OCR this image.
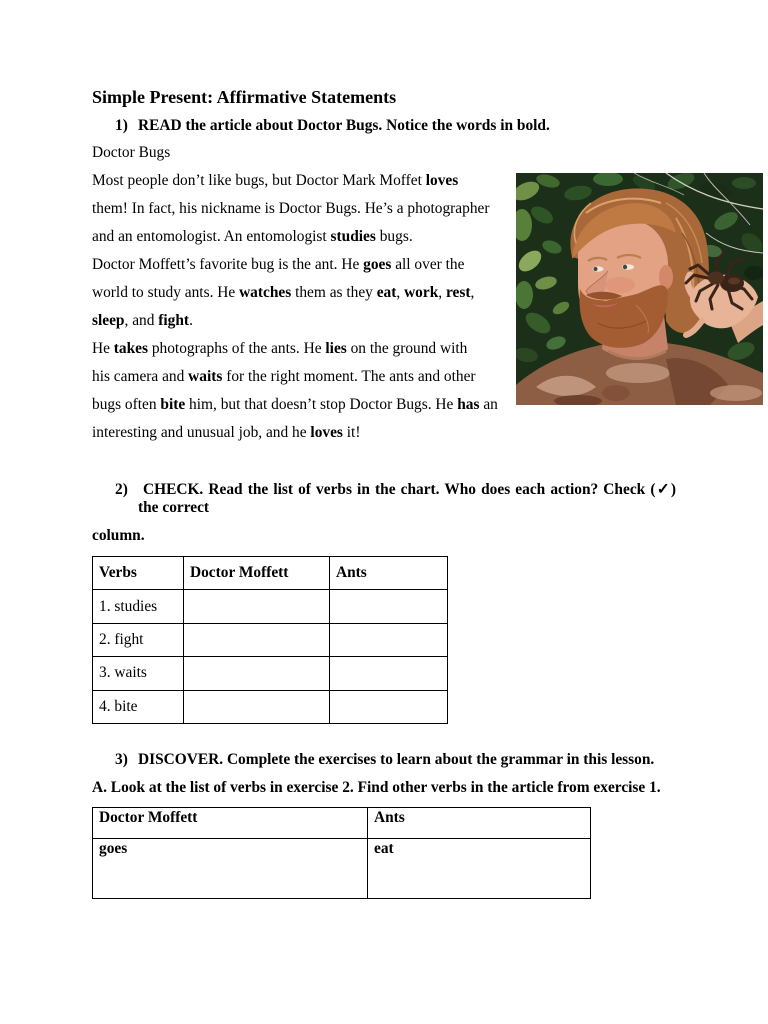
Simple Present: Affirmative Statements
1) READ the article about Doctor Bugs. Notice the words in bold.
Doctor Bugs
Most people don’t like bugs, but Doctor Mark Moffet loves
them! In fact, his nickname is Doctor Bugs. He’s a photographer
and an entomologist. An entomologist studies bugs.
Doctor Moffett’s favorite bug is the ant. He goes all over the
world to study ants. He watches them as they eat, work, rest,
sleep, and fight.
He takes photographs of the ants. He lies on the ground with
his camera and waits for the right moment. The ants and other
bugs often bite him, but that doesn’t stop Doctor Bugs. He has an
interesting and unusual job, and he loves it!
2) CHECK. Read the list of verbs in the chart. Who does each action? Check (✓)
the correct
column.
Verbs	Doctor Moffett	Ants
1. studies		
2. fight		
3. waits		
4. bite		
3) DISCOVER. Complete the exercises to learn about the grammar in this lesson.
A. Look at the list of verbs in exercise 2. Find other verbs in the article from exercise 1.
Doctor Moffett	Ants
goes	eat
